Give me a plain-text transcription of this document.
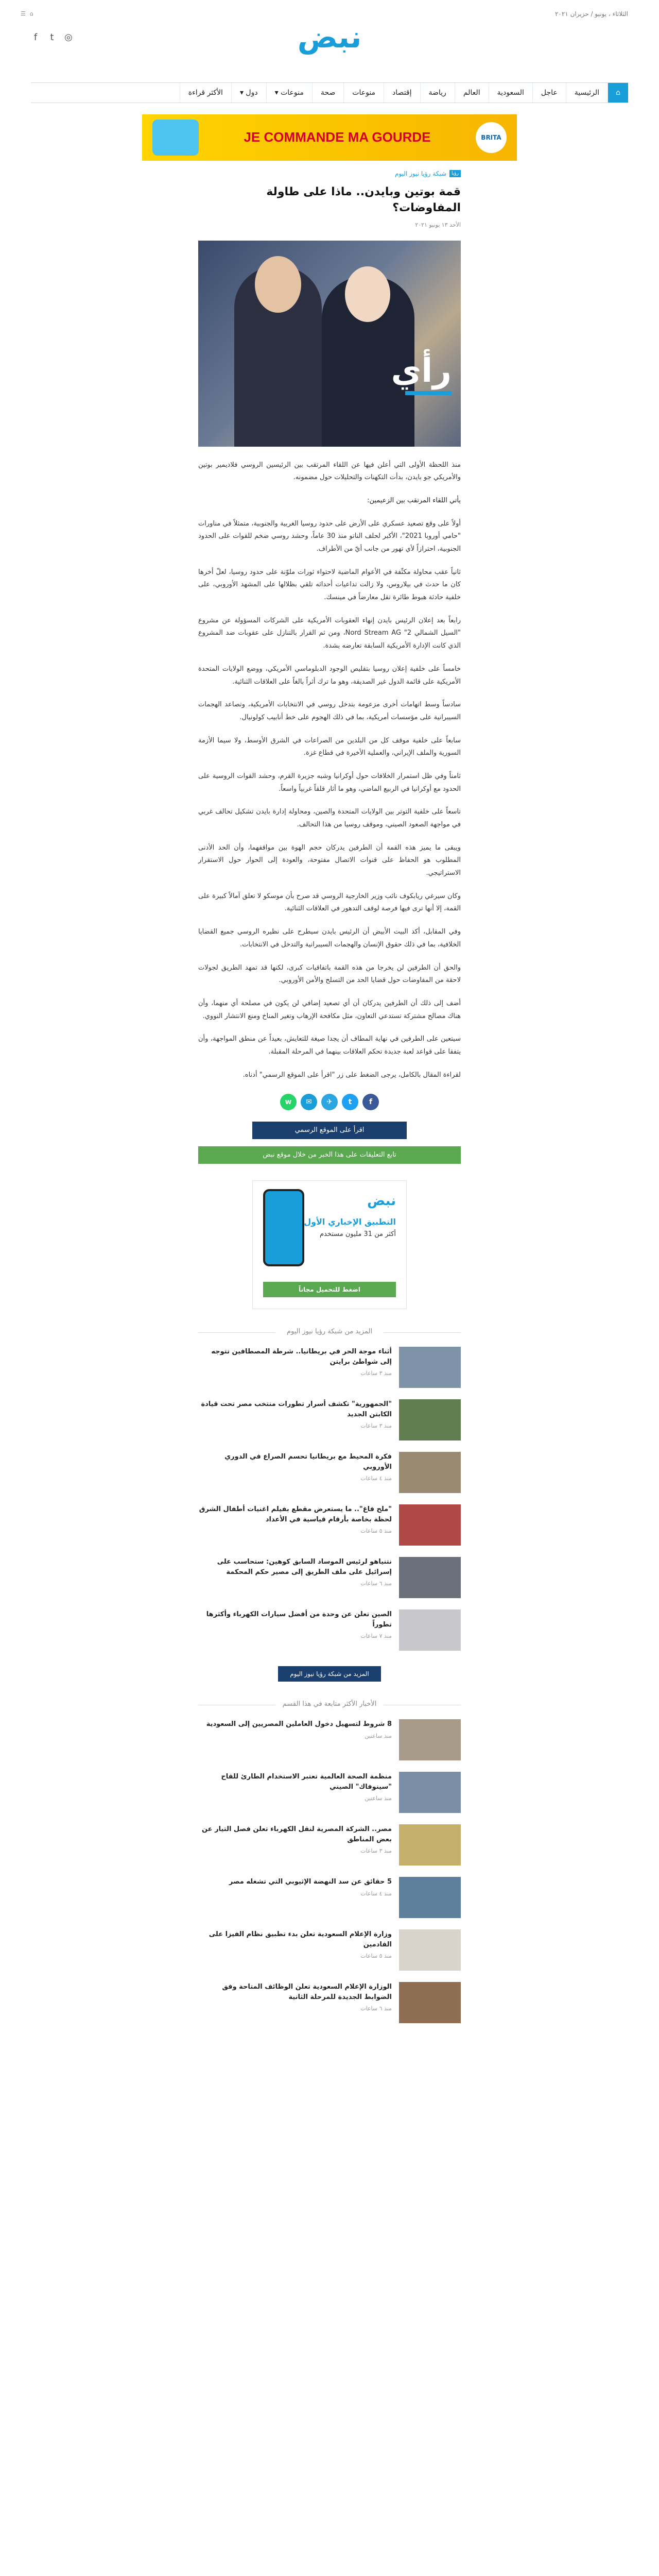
الثلاثاء ، يونيو / حزيران ٢٠٢١
☰ ⌂
نبض
f	t	◎
⌂
الرئيسية
عاجل
السعودية
العالم
رياضة
إقتصاد
منوعات
صحة
منوعات ▾
دول ▾
الأكثر قراءة
JE COMMANDE MA GOURDE	BRITA
رؤيا
شبكة رؤيا نيوز اليوم
قمة بوتين وبايدن.. ماذا على طاولة المفاوضات؟
الأحد ١٣ يونيو ٢٠٢١
رأي

منذ اللحظة الأولى التي أعلن فيها عن اللقاء المرتقب بين الرئيسين الروسي فلاديمير بوتين والأمريكي جو بايدن، بدأت التكهنات والتحليلات حول مضمونه.

يأتي اللقاء المرتقب بين الزعيمين:

أولاً على وقع تصعيد عسكري على الأرض على حدود روسيا الغربية والجنوبية، متمثلاً في مناورات "حامي أوروبا 2021"، الأكبر لحلف الناتو منذ 30 عاماً، وحشد روسي ضخم للقوات على الحدود الجنوبية، احترازاً لأي تهور من جانب أيّ من الأطراف.

ثانياً عقب محاولة مكثّفة في الأعوام الماضية لاحتواء ثورات ملوّنة على حدود روسيا، لعلّ أخرها كان ما حدث في بيلاروس، ولا زالت تداعيات أحداثه تلقي بظلالها على المشهد الأوروبي، على خلفية حادثة هبوط طائرة تقل معارضاً في مينسك.

رابعاً بعد إعلان الرئيس بايدن إنهاء العقوبات الأمريكية على الشركات المسؤولة عن مشروع "السيل الشمالي 2" Nord Stream AG، ومن ثم القرار بالتنازل على عقوبات ضد المشروع الذي كانت الإدارة الأمريكية السابقة تعارضه بشدة.

خامساً على خلفية إعلان روسيا بتقليص الوجود الدبلوماسي الأمريكي، ووضع الولايات المتحدة الأمريكية على قائمة الدول غير الصديقة، وهو ما ترك أثراً بالغاً على العلاقات الثنائية.

سادساً وسط اتهامات أخرى مزعومة بتدخل روسي في الانتخابات الأمريكية، وتصاعد الهجمات السيبرانية على مؤسسات أمريكية، بما في ذلك الهجوم على خط أنابيب كولونيال.

سابعاً على خلفية موقف كل من البلدين من الصراعات في الشرق الأوسط، ولا سيما الأزمة السورية والملف الإيراني، والعملية الأخيرة في قطاع غزة.

ثامناً وفي ظل استمرار الخلافات حول أوكرانيا وشبه جزيرة القرم، وحشد القوات الروسية على الحدود مع أوكرانيا في الربيع الماضي، وهو ما أثار قلقاً غربياً واسعاً.

تاسعاً على خلفية التوتر بين الولايات المتحدة والصين، ومحاولة إدارة بايدن تشكيل تحالف غربي في مواجهة الصعود الصيني، وموقف روسيا من هذا التحالف.

ويبقى ما يميز هذه القمة أن الطرفين يدركان حجم الهوة بين مواقفهما، وأن الحد الأدنى المطلوب هو الحفاظ على قنوات الاتصال مفتوحة، والعودة إلى الحوار حول الاستقرار الاستراتيجي.

وكان سيرغي ريابكوف نائب وزير الخارجية الروسي قد صرح بأن موسكو لا تعلق آمالاً كبيرة على القمة، إلا أنها ترى فيها فرصة لوقف التدهور في العلاقات الثنائية.

وفي المقابل، أكد البيت الأبيض أن الرئيس بايدن سيطرح على نظيره الروسي جميع القضايا الخلافية، بما في ذلك حقوق الإنسان والهجمات السيبرانية والتدخل في الانتخابات.

والحق أن الطرفين لن يخرجا من هذه القمة باتفاقيات كبرى، لكنها قد تمهد الطريق لجولات لاحقة من المفاوضات حول قضايا الحد من التسلح والأمن الأوروبي.

أضف إلى ذلك أن الطرفين يدركان أن أي تصعيد إضافي لن يكون في مصلحة أي منهما، وأن هناك مصالح مشتركة تستدعي التعاون، مثل مكافحة الإرهاب وتغير المناخ ومنع الانتشار النووي.

سيتعين على الطرفين في نهاية المطاف أن يجدا صيغة للتعايش، بعيداً عن منطق المواجهة، وأن يتفقا على قواعد لعبة جديدة تحكم العلاقات بينهما في المرحلة المقبلة.

لقراءة المقال بالكامل، يرجى الضغط على زر "اقرأ على الموقع الرسمي" أدناه.

f
t
✈
✉
w
اقرأ على الموقع الرسمي
تابع التعليقات على هذا الخبر من خلال موقع نبض
نبض
التطبيق الإخباري الأول
أكثر من 31 مليون مستخدم
اضغط للتحميل مجاناً
المزيد من شبكة رؤيا نيوز اليوم
أثناء موجة الحر في بريطانيا.. شرطة المصطافين تتوجه إلى شواطئ برايتن
منذ ٣ ساعات
"الجمهورية" تكشف أسرار تطورات منتخب مصر تحت قيادة الكابتن الجديد
منذ ٣ ساعات
فكرة المحيط مع بريطانيا تحسم الصراع في الدوري الأوروبي
منذ ٤ ساعات
"ملح فاغ".. ما يستعرض مقطع بفيلم اغنيات أطفال الشرق لحظة بخاصة بأرقام قياسية في الأعداد
منذ ٥ ساعات
نتنياهو لرئيس الموساد السابق كوهين: ستحاسب على إسرائيل على ملف الطريق إلى مصير حكم المحكمة
منذ ٦ ساعات
الصين تعلن عن وحدة من أفضل سيارات الكهرباء وأكثرها تطوراً
منذ ٧ ساعات
المزيد من شبكة رؤيا نيوز اليوم
الأخبار الأكثر متابعة في هذا القسم
8 شروط لتسهيل دخول العاملين المصريين إلى السعودية
منذ ساعتين
منظمة الصحة العالمية تعتبر الاستخدام الطارئ للقاح "سينوفاك" الصيني
منذ ساعتين
مصر.. الشركة المصرية لنقل الكهرباء تعلن فصل التيار عن بعض المناطق
منذ ٣ ساعات
5 حقائق عن سد النهضة الإثيوبي التي تشغله مصر
منذ ٤ ساعات
وزارة الإعلام السعودية تعلن بدء تطبيق نظام الفيزا على القادمين
منذ ٥ ساعات
الوزارة الإعلام السعودية تعلن الوظائف المتاحة وفق الضوابط الجديدة للمرحلة الثانية
منذ ٦ ساعات
